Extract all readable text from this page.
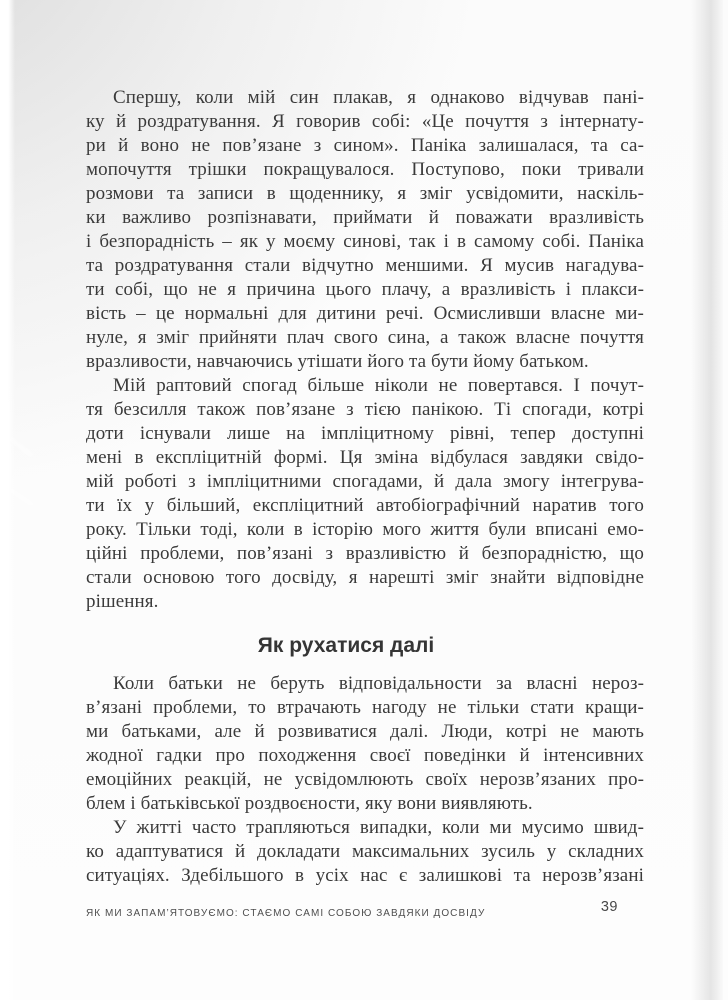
Спершу, коли мій син плакав, я однаково відчував пані-
ку й роздратування. Я говорив собі: «Це почуття з інтернату-
ри й воно не пов’язане з сином». Паніка залишалася, та са-
мопочуття трішки покращувалося. Поступово, поки тривали
розмови та записи в щоденнику, я зміг усвідомити, наскіль-
ки важливо розпізнавати, приймати й поважати вразливість
і безпорадність – як у моєму синові, так і в самому собі. Паніка
та роздратування стали відчутно меншими. Я мусив нагадува-
ти собі, що не я причина цього плачу, а вразливість і плакси-
вість – це нормальні для дитини речі. Осмисливши власне ми-
нуле, я зміг прийняти плач свого сина, а також власне почуття
вразливости, навчаючись утішати його та бути йому батьком.
Мій раптовий спогад більше ніколи не повертався. І почут-
тя безсилля також пов’язане з тією панікою. Ті спогади, котрі
доти існували лише на імпліцитному рівні, тепер доступні
мені в експліцитній формі. Ця зміна відбулася завдяки свідо-
мій роботі з імпліцитними спогадами, й дала змогу інтегрува-
ти їх у більший, експліцитний автобіографічний наратив того
року. Тільки тоді, коли в історію мого життя були вписані емо-
ційні проблеми, пов’язані з вразливістю й безпорадністю, що
стали основою того досвіду, я нарешті зміг знайти відповідне
рішення.
Як рухатися далі
Коли батьки не беруть відповідальности за власні нероз-
в’язані проблеми, то втрачають нагоду не тільки стати кращи-
ми батьками, але й розвиватися далі. Люди, котрі не мають
жодної гадки про походження своєї поведінки й інтенсивних
емоційних реакцій, не усвідомлюють своїх нерозв’язаних про-
блем і батьківської роздвоєности, яку вони виявляють.
У житті часто трапляються випадки, коли ми мусимо швид-
ко адаптуватися й докладати максимальних зусиль у складних
ситуаціях. Здебільшого в усіх нас є залишкові та нерозв’язані
ЯК МИ ЗАПАМ’ЯТОВУЄМО: СТАЄМО САМІ СОБОЮ ЗАВДЯКИ ДОСВІДУ	39
